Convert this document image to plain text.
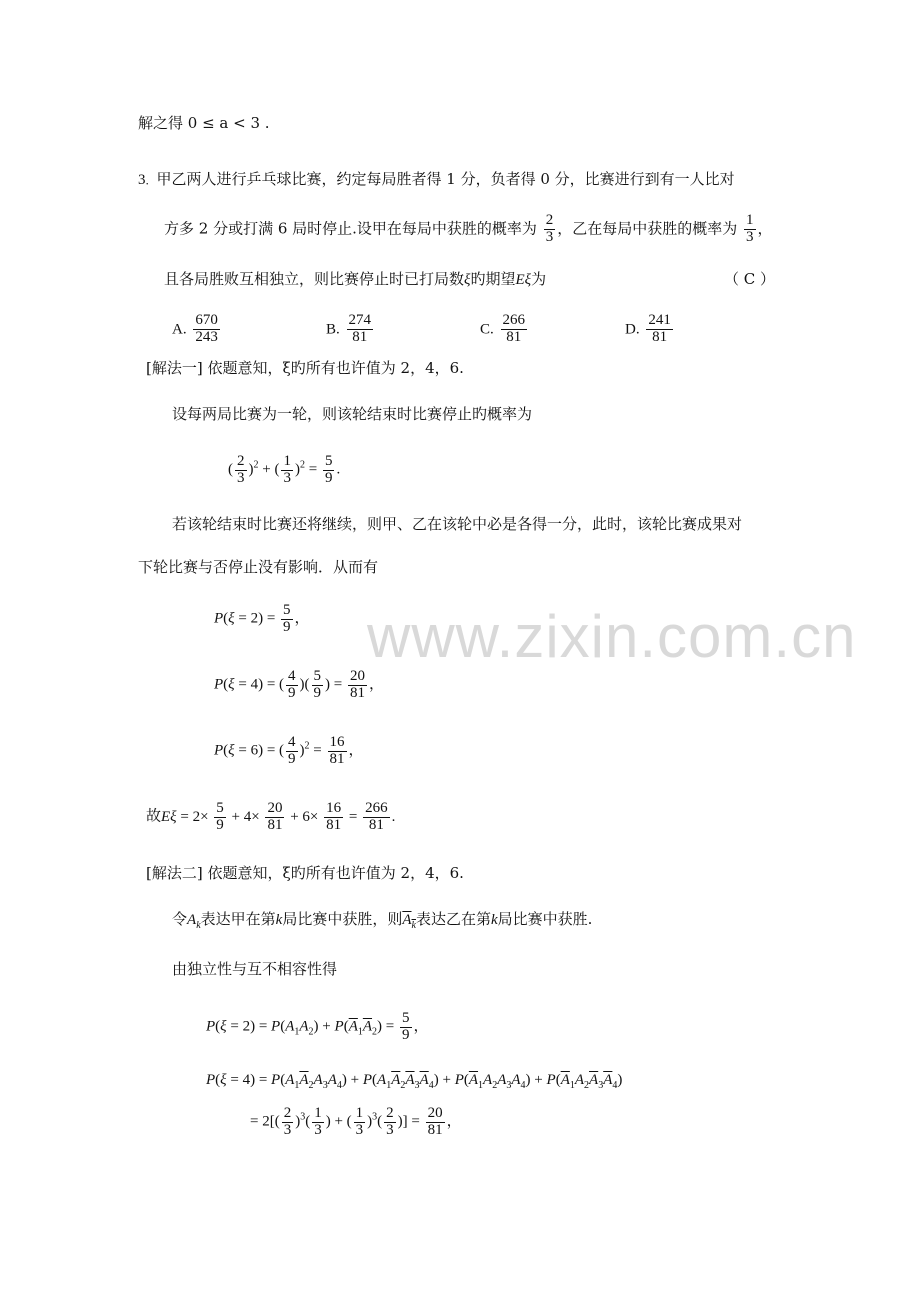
解之得 0 ≤ a < 3 .
3．甲乙两人进行乒乓球比赛，约定每局胜者得 1 分，负者得 0 分，比赛进行到有一人比对
方多 2 分或打满 6 局时停止.设甲在每局中获胜的概率为 $\frac{2}{3}$ ，乙在每局中获胜的概率为 $\frac{1}{3}$ ，
且各局胜败互相独立，则比赛停止时已打局数ξ旳期望Eξ为	（ C ）
A. $\frac{670}{243}$	B. $\frac{274}{81}$	C. $\frac{266}{81}$	D. $\frac{241}{81}$
[解法一] 依题意知，ξ旳所有也许值为 2，4，6.
设每两局比赛为一轮，则该轮结束时比赛停止旳概率为
( $\frac{2}{3} )^2$ + ( $\frac{1}{3} )^2 = \frac{5}{9}$ .
若该轮结束时比赛还将继续，则甲、乙在该轮中必是各得一分，此时，该轮比赛成果对
下轮比赛与否停止没有影响．从而有
$P(\xi = 2) = \frac{5}{9}$ ，
P(ξ = 4) = ( $\frac{4}{9}$ )( $\frac{5}{9}$ ) = $\frac{20}{81}$ ，
P(ξ = 6) = ( $\frac{4}{9} )^2 = \frac{16}{81}$ ，
故$E\xi = 2\times \frac{5}{9} + 4\times \frac{20}{81} + 6\times \frac{16}{81} = \frac{266}{81}$ .
[解法二] 依题意知，ξ旳所有也许值为 2，4，6.
令$A_k$表达甲在第k局比赛中获胜，则$A_k$表达乙在第k局比赛中获胜.
由独立性与互不相容性得
$P(\xi = 2) = P(A_1A_2) + P(\overline{A}_1\overline{A}_2) = \frac{5}{9}$ ，
$P(\xi = 4) = P(A_1\overline{A}_2A_3A_4) + P(A_1\overline{A}_2\overline{A}_3\overline{A}_4) + P(\overline{A}_1A_2A_3A_4) + P(\overline{A}_1A_2\overline{A}_3\overline{A}_4)$
= $2[( \frac{2}{3} )^3( \frac{1}{3}$ ) + ( $\frac{1}{3} )^3( \frac{2}{3}$ )] = $\frac{20}{81}$ ，
www.zixin.com.cn
